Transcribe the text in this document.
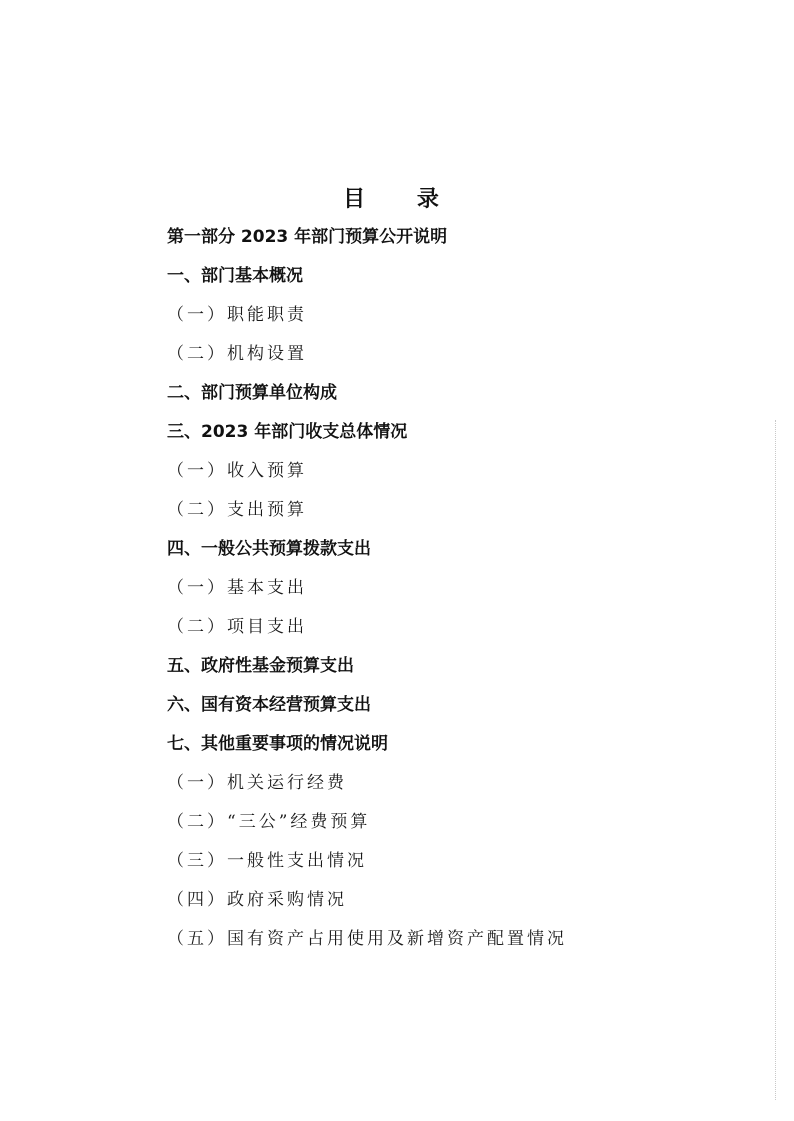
目 录
第一部分 2023 年部门预算公开说明
一、部门基本概况
（一）职能职责
（二）机构设置
二、部门预算单位构成
三、2023 年部门收支总体情况
（一）收入预算
（二）支出预算
四、一般公共预算拨款支出
（一）基本支出
（二）项目支出
五、政府性基金预算支出
六、国有资本经营预算支出
七、其他重要事项的情况说明
（一）机关运行经费
（二）“三公”经费预算
（三）一般性支出情况
（四）政府采购情况
（五）国有资产占用使用及新增资产配置情况
